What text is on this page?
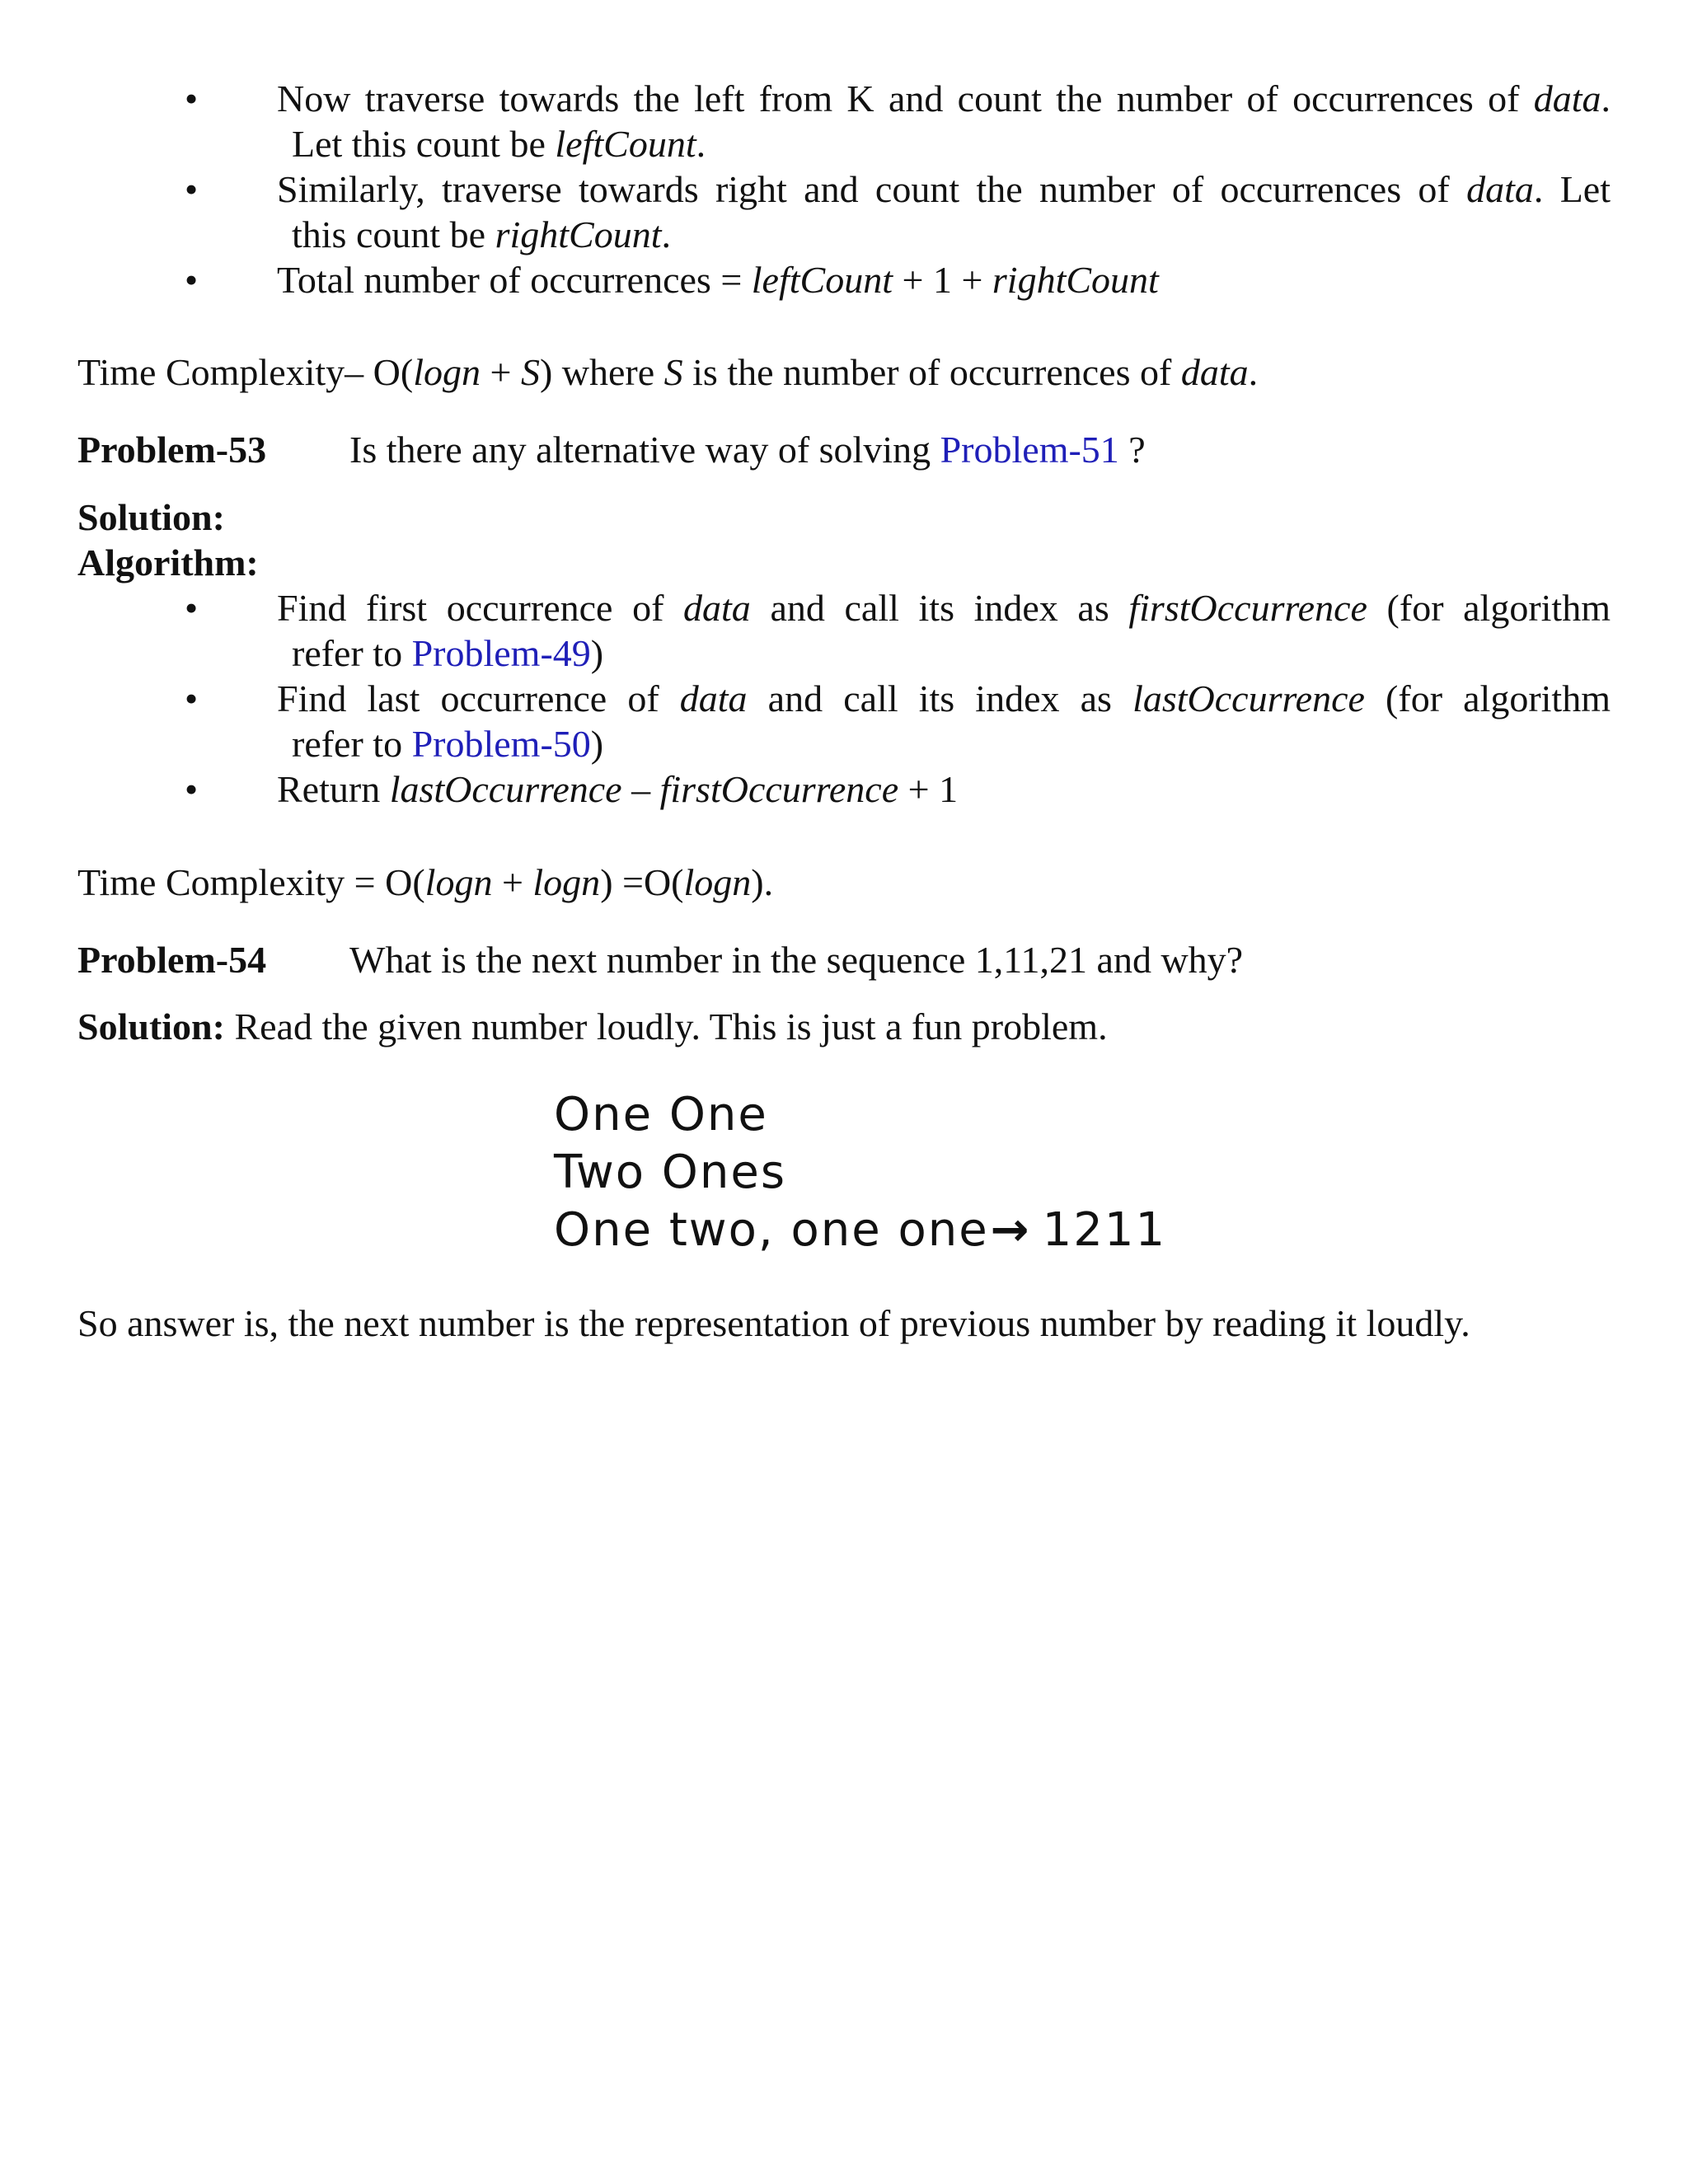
• Now traverse towards the left from K and count the number of occurrences of data.
Let this count be leftCount.
• Similarly, traverse towards right and count the number of occurrences of data. Let
this count be rightCount.
• Total number of occurrences = leftCount + 1 + rightCount
Time Complexity– O(logn + S) where S is the number of occurrences of data.
Problem-53 Is there any alternative way of solving Problem-51 ?
Solution:
Algorithm:
• Find first occurrence of data and call its index as firstOccurrence (for algorithm
refer to Problem-49)
• Find last occurrence of data and call its index as lastOccurrence (for algorithm
refer to Problem-50)
• Return lastOccurrence – firstOccurrence + 1
Time Complexity = O(logn + logn) =O(logn).
Problem-54 What is the next number in the sequence 1,11,21 and why?
Solution: Read the given number loudly. This is just a fun problem.
One One
Two Ones
One two, one one→ 1211
So answer is, the next number is the representation of previous number by reading it loudly.
